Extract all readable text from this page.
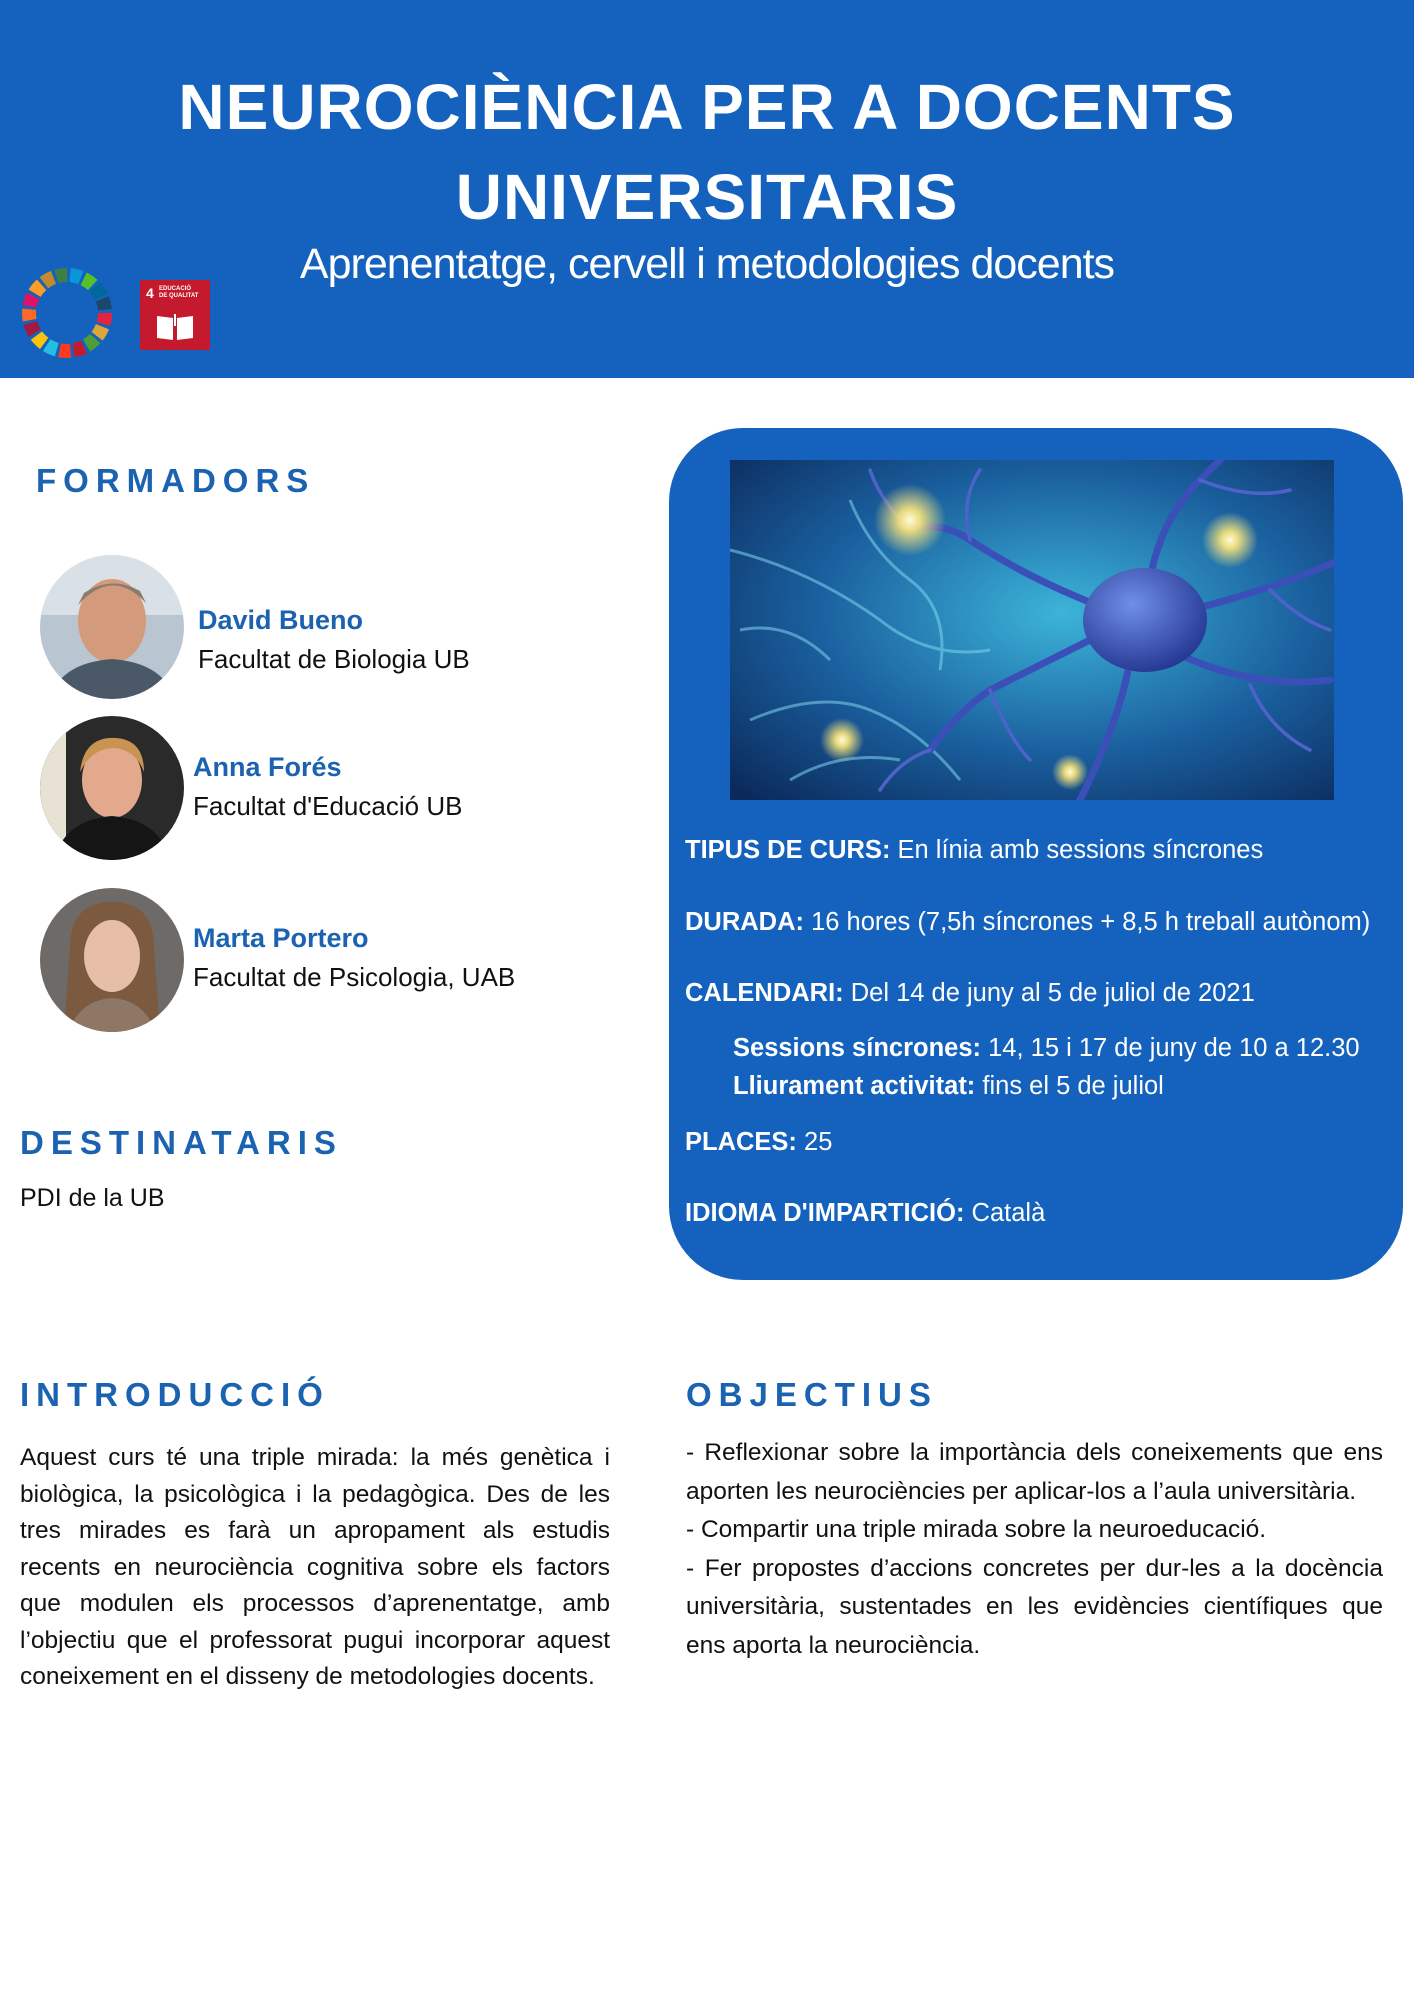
NEUROCIÈNCIA PER A DOCENTS
UNIVERSITARIS
Aprenentatge, cervell i metodologies docents
4 EDUCACIÓ
DE QUALITAT
FORMADORS
David Bueno
Facultat de Biologia UB
Anna Forés
Facultat d'Educació UB
Marta Portero
Facultat de Psicologia, UAB
DESTINATARIS
PDI de la UB
TIPUS DE CURS: En línia amb sessions síncrones
DURADA: 16 hores (7,5h síncrones + 8,5 h treball autònom)
CALENDARI: Del 14 de juny al 5 de juliol de 2021
Sessions síncrones: 14, 15 i 17 de juny de 10 a 12.30
Lliurament activitat: fins el 5 de juliol
PLACES: 25
IDIOMA D'IMPARTICIÓ: Català
INTRODUCCIÓ
Aquest curs té una triple mirada: la més genètica i biològica, la psicològica i la pedagògica. Des de les tres mirades es farà un apropament als estudis recents en neurociència cognitiva sobre els factors que modulen els processos d’aprenentatge, amb l’objectiu que el professorat pugui incorporar aquest coneixement en el disseny de metodologies docents.
OBJECTIUS
- Reflexionar sobre la importància dels coneixements que ens aporten les neurociències per aplicar-los a l’aula universitària.
- Compartir una triple mirada sobre la neuroeducació.
- Fer propostes d’accions concretes per dur-les a la docència universitària, sustentades en les evidències científiques que ens aporta la neurociència.
